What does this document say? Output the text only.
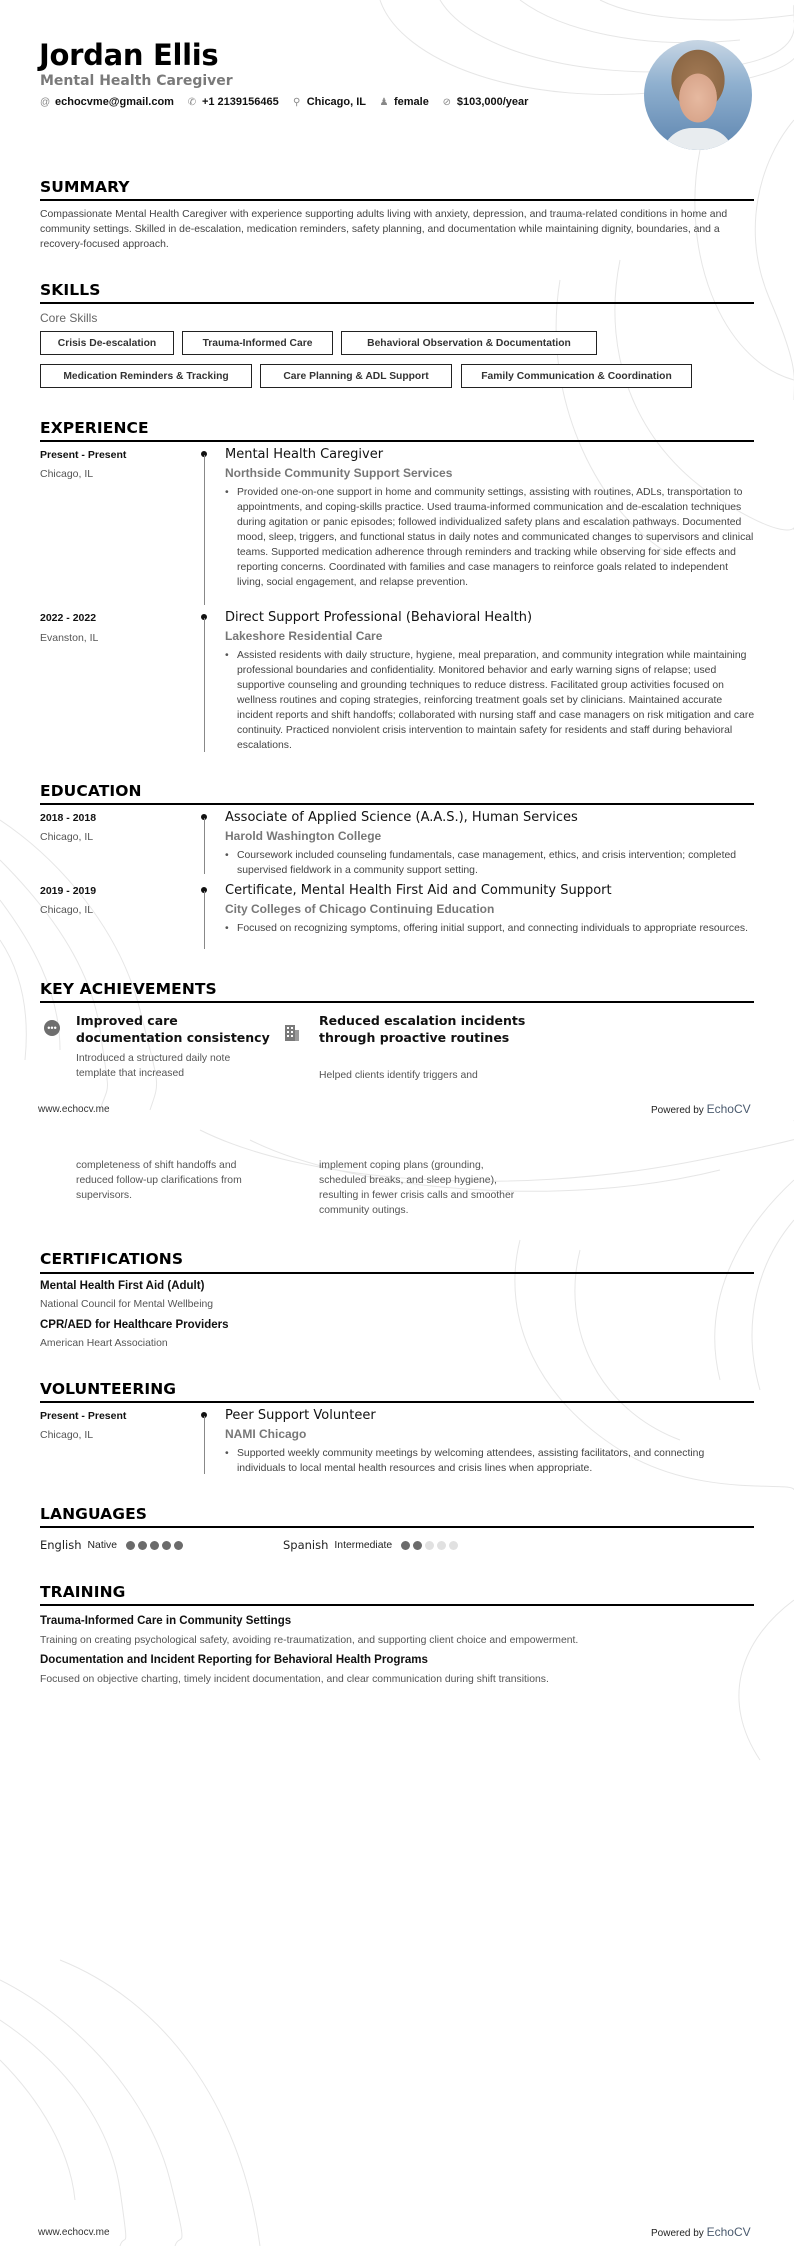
Jordan Ellis
Mental Health Caregiver
@ echocvme@gmail.com ✆ +1 2139156465 ⚲ Chicago, IL ♟ female ⊘ $103,000/year
SUMMARY
Compassionate Mental Health Caregiver with experience supporting adults living with anxiety, depression, and trauma-related conditions in home and community settings. Skilled in de-escalation, medication reminders, safety planning, and documentation while maintaining dignity, boundaries, and a recovery-focused approach.
SKILLS
Core Skills
Crisis De-escalation	Trauma-Informed Care	Behavioral Observation & Documentation
Medication Reminders & Tracking	Care Planning & ADL Support	Family Communication & Coordination
EXPERIENCE
Present - Present
Chicago, IL
Mental Health Caregiver
Northside Community Support Services
• Provided one-on-one support in home and community settings, assisting with routines, ADLs, transportation to appointments, and coping-skills practice. Used trauma-informed communication and de-escalation techniques during agitation or panic episodes; followed individualized safety plans and escalation pathways. Documented mood, sleep, triggers, and functional status in daily notes and communicated changes to supervisors and clinical teams. Supported medication adherence through reminders and tracking while observing for side effects and reporting concerns. Coordinated with families and case managers to reinforce goals related to independent living, social engagement, and relapse prevention.
2022 - 2022
Evanston, IL
Direct Support Professional (Behavioral Health)
Lakeshore Residential Care
• Assisted residents with daily structure, hygiene, meal preparation, and community integration while maintaining professional boundaries and confidentiality. Monitored behavior and early warning signs of relapse; used supportive counseling and grounding techniques to reduce distress. Facilitated group activities focused on wellness routines and coping strategies, reinforcing treatment goals set by clinicians. Maintained accurate incident reports and shift handoffs; collaborated with nursing staff and case managers on risk mitigation and care continuity. Practiced nonviolent crisis intervention to maintain safety for residents and staff during behavioral escalations.
EDUCATION
2018 - 2018
Chicago, IL
Associate of Applied Science (A.A.S.), Human Services
Harold Washington College
• Coursework included counseling fundamentals, case management, ethics, and crisis intervention; completed supervised fieldwork in a community support setting.
2019 - 2019
Chicago, IL
Certificate, Mental Health First Aid and Community Support
City Colleges of Chicago Continuing Education
• Focused on recognizing symptoms, offering initial support, and connecting individuals to appropriate resources.
KEY ACHIEVEMENTS
••• Improved care documentation consistency
Introduced a structured daily note template that increased
completeness of shift handoffs and reduced follow-up clarifications from supervisors.
Reduced escalation incidents through proactive routines
Helped clients identify triggers and
implement coping plans (grounding, scheduled breaks, and sleep hygiene), resulting in fewer crisis calls and smoother community outings.
www.echocv.me	Powered by EchoCV
CERTIFICATIONS
Mental Health First Aid (Adult)
National Council for Mental Wellbeing
CPR/AED for Healthcare Providers
American Heart Association
VOLUNTEERING
Present - Present
Chicago, IL
Peer Support Volunteer
NAMI Chicago
• Supported weekly community meetings by welcoming attendees, assisting facilitators, and connecting individuals to local mental health resources and crisis lines when appropriate.
LANGUAGES
English Native	Spanish Intermediate
TRAINING
Trauma-Informed Care in Community Settings
Training on creating psychological safety, avoiding re-traumatization, and supporting client choice and empowerment.
Documentation and Incident Reporting for Behavioral Health Programs
Focused on objective charting, timely incident documentation, and clear communication during shift transitions.
www.echocv.me	Powered by EchoCV
